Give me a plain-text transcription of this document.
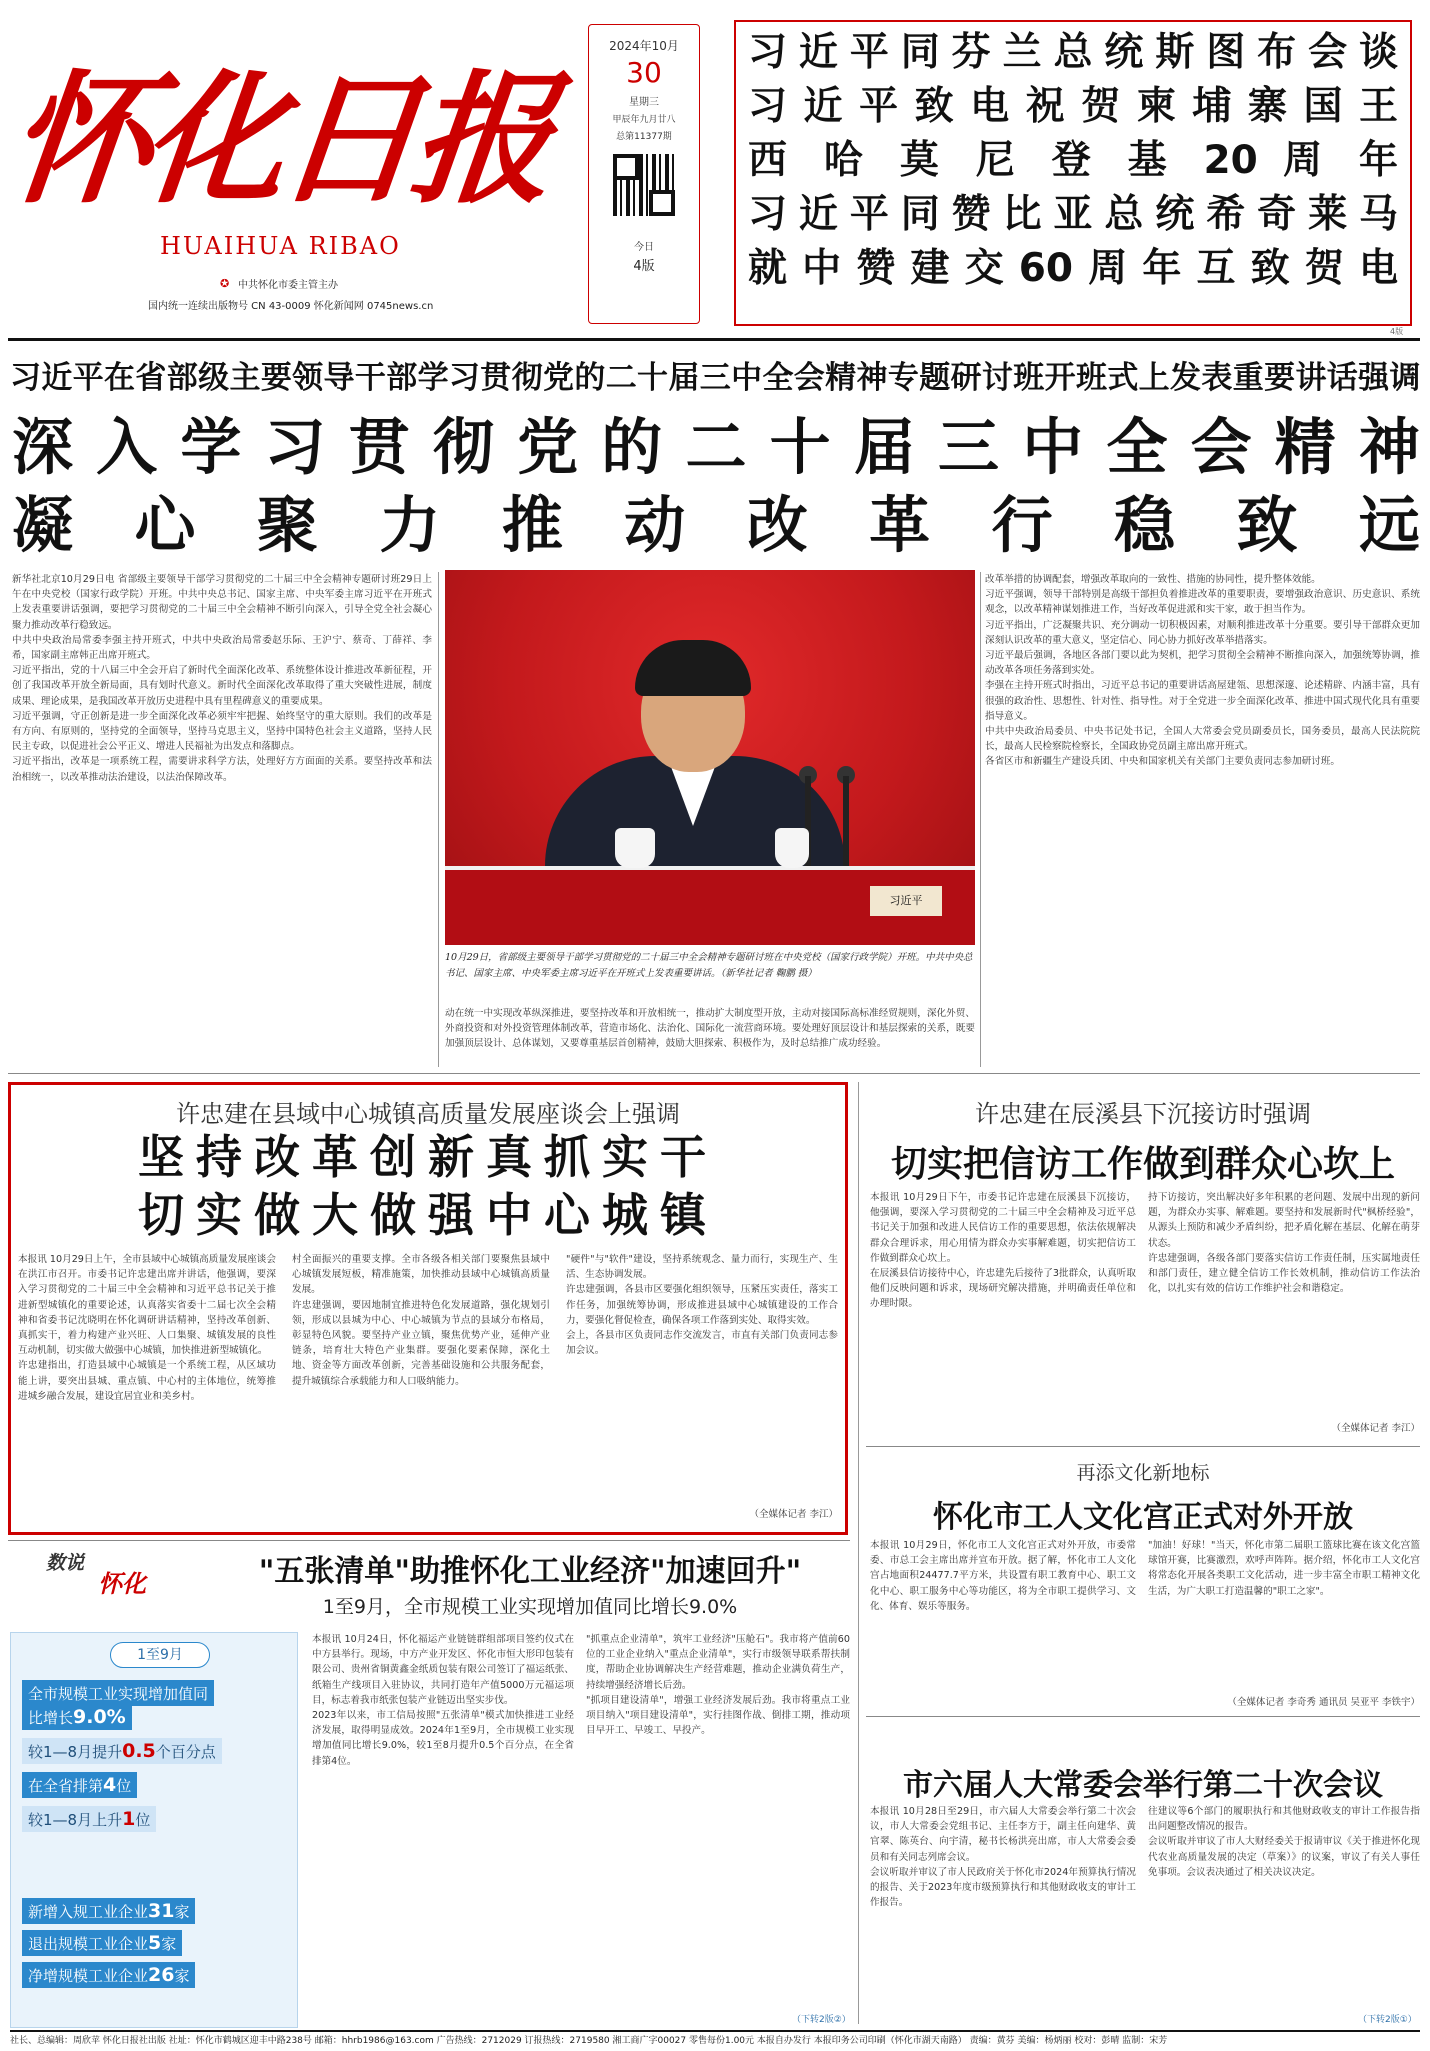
怀化日报
HUAIHUA RIBAO
✪ 中共怀化市委主管主办
国内统一连续出版物号 CN 43-0009 怀化新闻网 0745news.cn
2024年10月
30
星期三
甲辰年九月廿八
总第11377期
今日
4版
习近平同芬兰总统斯图布会谈
习 近 平 致 电 祝 贺 柬 埔 寨 国 王
西 哈 莫 尼 登 基 20 周 年
习近平同赞比亚总统希奇莱马
就中赞建交60周年互致贺电
4版
习近平在省部级主要领导干部学习贯彻党的二十届三中全会精神专题研讨班开班式上发表重要讲话强调
深入学习贯彻党的二十届三中全会精神
凝心聚力推动改革行稳致远
新华社北京10月29日电 省部级主要领导干部学习贯彻党的二十届三中全会精神专题研讨班29日上午在中央党校（国家行政学院）开班。中共中央总书记、国家主席、中央军委主席习近平在开班式上发表重要讲话强调，要把学习贯彻党的二十届三中全会精神不断引向深入，引导全党全社会凝心聚力推动改革行稳致远。
中共中央政治局常委李强主持开班式，中共中央政治局常委赵乐际、王沪宁、蔡奇、丁薛祥、李希，国家副主席韩正出席开班式。
习近平指出，党的十八届三中全会开启了新时代全面深化改革、系统整体设计推进改革新征程，开创了我国改革开放全新局面，具有划时代意义。新时代全面深化改革取得了重大突破性进展，制度成果、理论成果，是我国改革开放历史进程中具有里程碑意义的重要成果。
习近平强调，守正创新是进一步全面深化改革必须牢牢把握、始终坚守的重大原则。我们的改革是有方向、有原则的，坚持党的全面领导，坚持马克思主义，坚持中国特色社会主义道路，坚持人民民主专政，以促进社会公平正义、增进人民福祉为出发点和落脚点。
习近平指出，改革是一项系统工程，需要讲求科学方法，处理好方方面面的关系。要坚持改革和法治相统一，以改革推动法治建设，以法治保障改革。
习近平
10月29日，省部级主要领导干部学习贯彻党的二十届三中全会精神专题研讨班在中央党校（国家行政学院）开班。中共中央总书记、国家主席、中央军委主席习近平在开班式上发表重要讲话。（新华社记者 鞠鹏 摄）
改革举措的协调配套，增强改革取向的一致性、措施的协同性，提升整体效能。
习近平强调，领导干部特别是高级干部担负着推进改革的重要职责，要增强政治意识、历史意识、系统观念，以改革精神谋划推进工作，当好改革促进派和实干家，敢于担当作为。
习近平指出，广泛凝聚共识、充分调动一切积极因素，对顺利推进改革十分重要。要引导干部群众更加深刻认识改革的重大意义，坚定信心、同心协力抓好改革举措落实。
习近平最后强调，各地区各部门要以此为契机，把学习贯彻全会精神不断推向深入，加强统筹协调，推动改革各项任务落到实处。
李强在主持开班式时指出，习近平总书记的重要讲话高屋建瓴、思想深邃、论述精辟、内涵丰富，具有很强的政治性、思想性、针对性、指导性。对于全党进一步全面深化改革、推进中国式现代化具有重要指导意义。
中共中央政治局委员、中央书记处书记，全国人大常委会党员副委员长，国务委员，最高人民法院院长，最高人民检察院检察长，全国政协党员副主席出席开班式。
各省区市和新疆生产建设兵团、中央和国家机关有关部门主要负责同志参加研讨班。
动在统一中实现改革纵深推进，要坚持改革和开放相统一，推动扩大制度型开放，主动对接国际高标准经贸规则，深化外贸、外商投资和对外投资管理体制改革，营造市场化、法治化、国际化一流营商环境。要处理好顶层设计和基层探索的关系，既要加强顶层设计、总体谋划，又要尊重基层首创精神，鼓励大胆探索、积极作为，及时总结推广成功经验。
许忠建在县域中心城镇高质量发展座谈会上强调
坚持改革创新真抓实干
切实做大做强中心城镇
本报讯 10月29日上午，全市县域中心城镇高质量发展座谈会在洪江市召开。市委书记许忠建出席并讲话，他强调，要深入学习贯彻党的二十届三中全会精神和习近平总书记关于推进新型城镇化的重要论述，认真落实省委十二届七次全会精神和省委书记沈晓明在怀化调研讲话精神，坚持改革创新、真抓实干，着力构建产业兴旺、人口集聚、城镇发展的良性互动机制，切实做大做强中心城镇，加快推进新型城镇化。
许忠建指出，打造县域中心城镇是一个系统工程，从区域功能上讲，要突出县城、重点镇、中心村的主体地位，统筹推进城乡融合发展，建设宜居宜业和美乡村。
村全面振兴的重要支撑。全市各级各相关部门要聚焦县域中心城镇发展短板，精准施策，加快推动县域中心城镇高质量发展。
许忠建强调，要因地制宜推进特色化发展道路，强化规划引领，形成以县城为中心、中心城镇为节点的县域分布格局，彰显特色风貌。要坚持产业立镇，聚焦优势产业，延伸产业链条，培育壮大特色产业集群。要强化要素保障，深化土地、资金等方面改革创新，完善基础设施和公共服务配套，提升城镇综合承载能力和人口吸纳能力。
"硬件"与"软件"建设，坚持系统观念、量力而行，实现生产、生活、生态协调发展。
许忠建强调，各县市区要强化组织领导，压紧压实责任，落实工作任务，加强统筹协调，形成推进县域中心城镇建设的工作合力，要强化督促检查，确保各项工作落到实处、取得实效。
会上，各县市区负责同志作交流发言，市直有关部门负责同志参加会议。
（全媒体记者 李江）
许忠建在辰溪县下沉接访时强调
切实把信访工作做到群众心坎上
本报讯 10月29日下午，市委书记许忠建在辰溪县下沉接访，他强调，要深入学习贯彻党的二十届三中全会精神及习近平总书记关于加强和改进人民信访工作的重要思想，依法依规解决群众合理诉求，用心用情为群众办实事解难题，切实把信访工作做到群众心坎上。
在辰溪县信访接待中心，许忠建先后接待了3批群众，认真听取他们反映问题和诉求，现场研究解决措施，并明确责任单位和办理时限。
持下访接访，突出解决好多年积累的老问题、发展中出现的新问题，为群众办实事、解难题。要坚持和发展新时代"枫桥经验"，从源头上预防和减少矛盾纠纷，把矛盾化解在基层、化解在萌芽状态。
许忠建强调，各级各部门要落实信访工作责任制，压实属地责任和部门责任，建立健全信访工作长效机制，推动信访工作法治化，以扎实有效的信访工作维护社会和谐稳定。
（全媒体记者 李江）
再添文化新地标
怀化市工人文化宫正式对外开放
本报讯 10月29日，怀化市工人文化宫正式对外开放，市委常委、市总工会主席出席并宣布开放。据了解，怀化市工人文化宫占地面积24477.7平方米，共设置有职工教育中心、职工文化中心、职工服务中心等功能区，将为全市职工提供学习、文化、体育、娱乐等服务。
"加油！好球！"当天，怀化市第二届职工篮球比赛在该文化宫篮球馆开赛，比赛激烈，欢呼声阵阵。据介绍，怀化市工人文化宫将常态化开展各类职工文化活动，进一步丰富全市职工精神文化生活，为广大职工打造温馨的"职工之家"。
（全媒体记者 李奇秀 通讯员 吴亚平 李铁宇）
市六届人大常委会举行第二十次会议
本报讯 10月28日至29日，市六届人大常委会举行第二十次会议，市人大常委会党组书记、主任李方于，副主任向建华、黄官翠、陈英台、向宇清，秘书长杨洪亮出席，市人大常委会委员和有关同志列席会议。
会议听取并审议了市人民政府关于怀化市2024年预算执行情况的报告、关于2023年度市级预算执行和其他财政收支的审计工作报告。
往建议等6个部门的履职执行和其他财政收支的审计工作报告指出问题整改情况的报告。
会议听取并审议了市人大财经委关于报请审议《关于推进怀化现代农业高质量发展的决定（草案）》的议案，审议了有关人事任免事项。会议表决通过了相关决议决定。
（下转2版①）
数说
怀化	"五张清单"助推怀化工业经济"加速回升"
1至9月，全市规模工业实现增加值同比增长9.0%
1至9月
全市规模工业实现增加值同
比增长9.0%
较1—8月提升0.5个百分点
在全省排第4位
较1—8月上升1位
新增入规工业企业31家
退出规模工业企业5家
净增规模工业企业26家
本报讯 10月24日，怀化福运产业链链群组部项目签约仪式在中方县举行。现场，中方产业开发区、怀化市恒大形印包装有限公司、贵州省铜黄鑫金纸质包装有限公司签订了福运纸张、纸箱生产线项目入驻协议，共同打造年产值5000万元福运项目，标志着我市纸张包装产业链迈出坚实步伐。
2023年以来，市工信局按照"五张清单"模式加快推进工业经济发展，取得明显成效。2024年1至9月，全市规模工业实现增加值同比增长9.0%，较1至8月提升0.5个百分点，在全省排第4位。
"抓重点企业清单"，筑牢工业经济"压舱石"。我市将产值前60位的工业企业纳入"重点企业清单"，实行市级领导联系帮扶制度，帮助企业协调解决生产经营难题，推动企业满负荷生产，持续增强经济增长后劲。
"抓项目建设清单"，增强工业经济发展后劲。我市将重点工业项目纳入"项目建设清单"，实行挂图作战、倒排工期，推动项目早开工、早竣工、早投产。
（下转2版②）
社长、总编辑：周欣苹 怀化日报社出版 社址：怀化市鹤城区迎丰中路238号 邮箱：hhrb1986@163.com 广告热线：2712029 订报热线：2719580 湘工商广字00027 零售每份1.00元 本报自办发行 本报印务公司印刷（怀化市湖天南路） 责编：黄芬 美编：杨炳丽 校对：彭晴 监制：宋芳
